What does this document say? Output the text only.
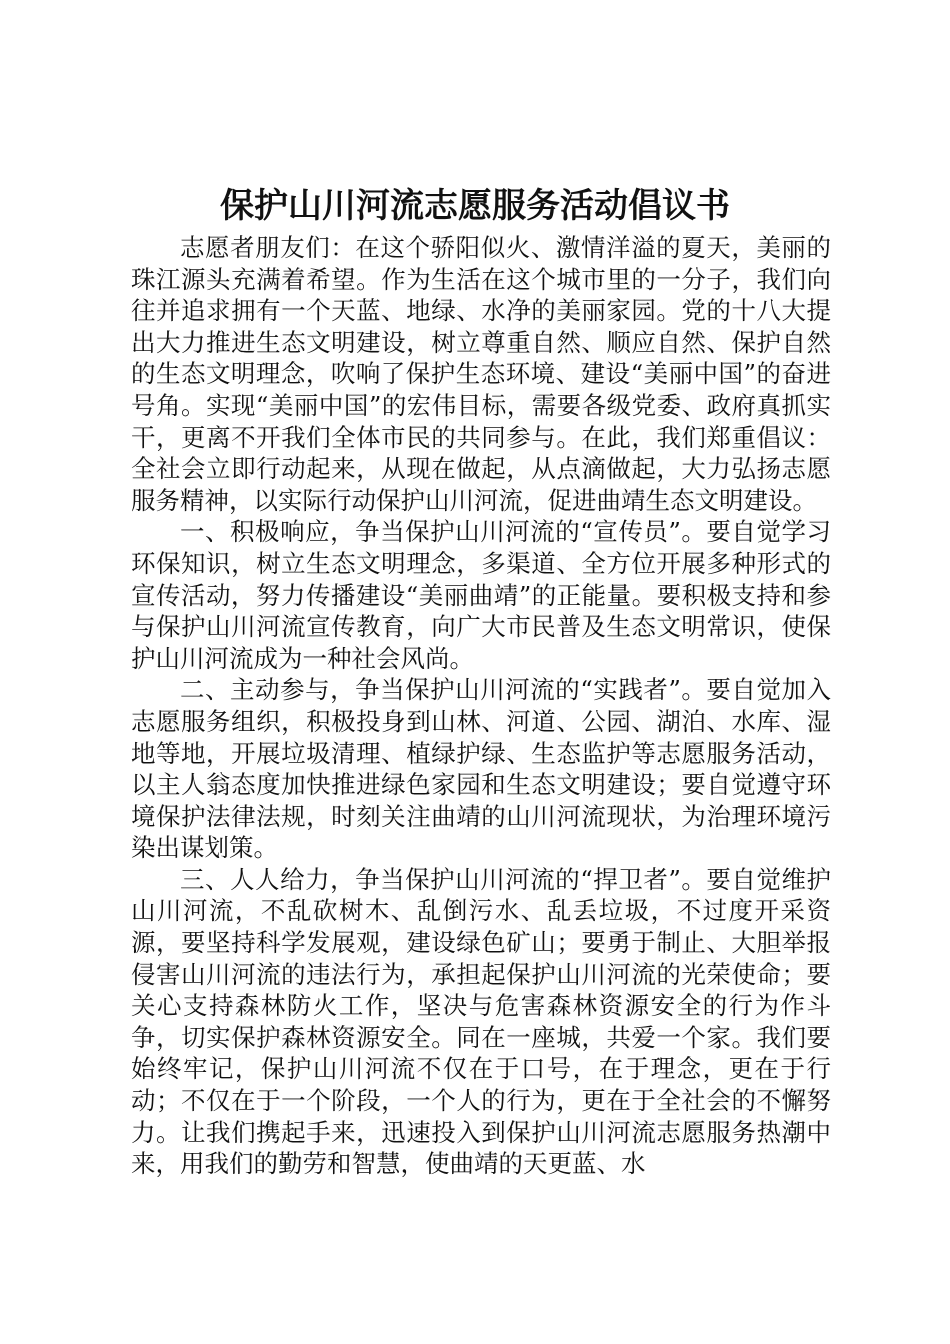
保护山川河流志愿服务活动倡议书

志愿者朋友们：在这个骄阳似火、激情洋溢的夏天，美丽的珠江源头充满着希望。作为生活在这个城市里的一分子，我们向往并追求拥有一个天蓝、地绿、水净的美丽家园。党的十八大提出大力推进生态文明建设，树立尊重自然、顺应自然、保护自然的生态文明理念，吹响了保护生态环境、建设“美丽中国”的奋进号角。实现“美丽中国”的宏伟目标，需要各级党委、政府真抓实干，更离不开我们全体市民的共同参与。在此，我们郑重倡议：全社会立即行动起来，从现在做起，从点滴做起，大力弘扬志愿服务精神，以实际行动保护山川河流，促进曲靖生态文明建设。

一、积极响应，争当保护山川河流的“宣传员”。要自觉学习环保知识，树立生态文明理念，多渠道、全方位开展多种形式的宣传活动，努力传播建设“美丽曲靖”的正能量。要积极支持和参与保护山川河流宣传教育，向广大市民普及生态文明常识，使保护山川河流成为一种社会风尚。

二、主动参与，争当保护山川河流的“实践者”。要自觉加入志愿服务组织，积极投身到山林、河道、公园、湖泊、水库、湿地等地，开展垃圾清理、植绿护绿、生态监护等志愿服务活动，以主人翁态度加快推进绿色家园和生态文明建设；要自觉遵守环境保护法律法规，时刻关注曲靖的山川河流现状，为治理环境污染出谋划策。

三、人人给力，争当保护山川河流的“捍卫者”。要自觉维护山川河流，不乱砍树木、乱倒污水、乱丢垃圾，不过度开采资源，要坚持科学发展观，建设绿色矿山；要勇于制止、大胆举报侵害山川河流的违法行为，承担起保护山川河流的光荣使命；要关心支持森林防火工作，坚决与危害森林资源安全的行为作斗争，切实保护森林资源安全。同在一座城，共爱一个家。我们要始终牢记，保护山川河流不仅在于口号，在于理念，更在于行动；不仅在于一个阶段，一个人的行为，更在于全社会的不懈努力。让我们携起手来，迅速投入到保护山川河流志愿服务热潮中来，用我们的勤劳和智慧，使曲靖的天更蓝、水
